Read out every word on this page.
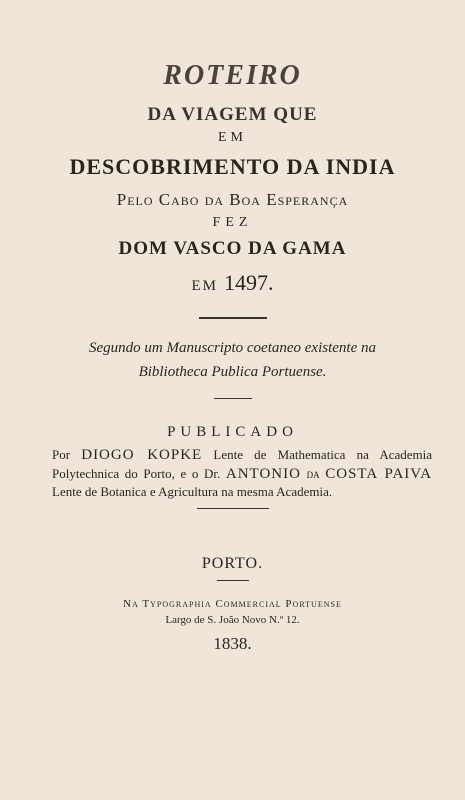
ROTEIRO
DA VIAGEM QUE
EM
DESCOBRIMENTO DA INDIA
Pelo Cabo da Boa Esperança
FEZ
DOM VASCO DA GAMA
EM 1497.
Segundo um Manuscripto coetaneo existente na
Bibliotheca Publica Portuense.
PUBLICADO
Por DIOGO KOPKE Lente de Mathematica na Academia
Polytechnica do Porto, e o Dr. ANTONIO da COSTA PAIVA
Lente de Botanica e Agricultura na mesma Academia.
PORTO.
Na Typographia Commercial Portuense
Largo de S. João Novo N.º 12.
1838.
